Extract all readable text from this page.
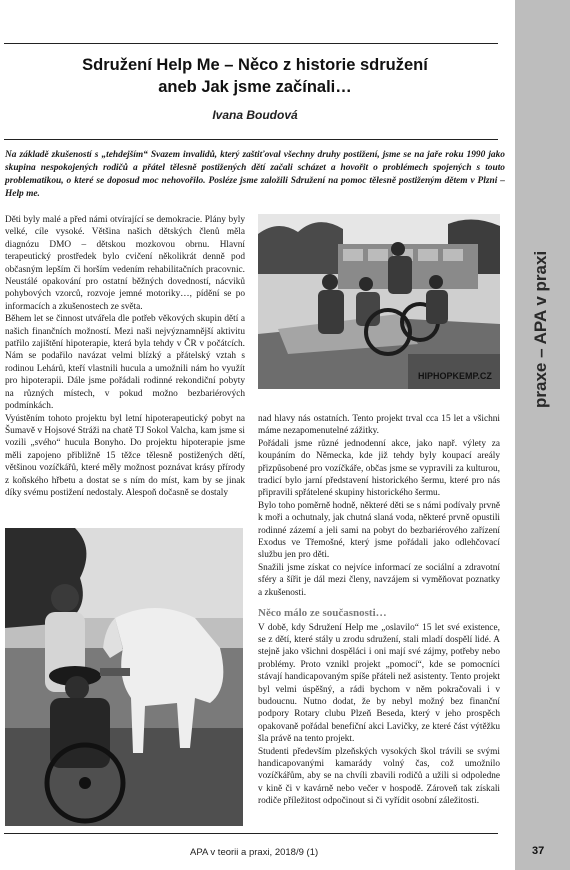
praxe – APA v praxi
Sdružení Help Me – Něco z historie sdružení
aneb Jak jsme začínali…
Ivana Boudová
Na základě zkušeností s „tehdejším“ Svazem invalidů, který zaštiťoval všechny druhy postižení, jsme se na jaře roku 1990 jako skupina nespokojených rodičů a přátel tělesně postižených dětí začali scházet a hovořit o problémech spojených s touto problematikou, o které se doposud moc nehovořilo. Posléze jsme založili Sdružení na pomoc tělesně postiženým dětem v Plzni – Help me.

Děti byly malé a před námi otvírající se demokracie. Plány byly velké, cíle vysoké. Většina našich dětských členů měla diagnózu DMO – dětskou mozkovou obrnu. Hlavní terapeutický prostředek bylo cvičení několikrát denně pod občasným lepším či horším vedením rehabilitačních pracovnic. Neustálé opakování pro ostatní běžných dovedností, nácviků pohybových vzorců, rozvoje jemné motoriky…, pídění se po informacích a zkušenostech ze světa.

Během let se činnost utvářela dle potřeb věkových skupin dětí a našich finančních možností. Mezi naši nejvýznamnější aktivitu patřilo zajištění hipoterapie, která byla tehdy v ČR v počátcích. Nám se podařilo navázat velmi blízký a přátelský vztah s rodinou Lehárů, kteří vlastnili hucula a umožnili nám ho využít pro hipoterapii. Dále jsme pořádali rodinné rekondiční pobyty na různých místech, v pokud možno bezbariérových podmínkách.

Vyústěním tohoto projektu byl letní hipoterapeutický pobyt na Šumavě v Hojsové Stráži na chatě TJ Sokol Valcha, kam jsme si vozili „svého“ hucula Bonyho. Do projektu hipoterapie jsme měli zapojeno přibližně 15 těžce tělesně postižených dětí, většinou vozíčkářů, které měly možnost poznávat krásy přírody z koňského hřbetu a dostat se s ním do míst, kam by se jinak díky svému postižení nedostaly. Alespoň dočasně se dostaly

HIPHOPKEMP.CZ

nad hlavy nás ostatních. Tento projekt trval cca 15 let a všichni máme nezapomenutelné zážitky.

Pořádali jsme různé jednodenní akce, jako např. výlety za koupáním do Německa, kde již tehdy byly koupací areály přizpůsobené pro vozíčkáře, občas jsme se vypravili za kulturou, tradicí bylo jarní představení historického šermu, které pro nás připravili spřátelené skupiny historického šermu.

Bylo toho poměrně hodně, některé děti se s námi podívaly prvně k moři a ochutnaly, jak chutná slaná voda, některé prvně opustili rodinné zázemí a jeli sami na pobyt do bezbariérového zařízení Exodus ve Třemošné, který jsme pořádali jako odlehčovací službu jen pro děti.

Snažili jsme získat co nejvíce informací ze sociální a zdravotní sféry a šířit je dál mezi členy, navzájem si vyměňovat poznatky a zkušenosti.

Něco málo ze současnosti…

V době, kdy Sdružení Help me „oslavilo“ 15 let své existence, se z dětí, které stály u zrodu sdružení, stali mladí dospělí lidé. A stejně jako všichni dospěláci i oni mají své zájmy, potřeby nebo problémy. Proto vznikl projekt „pomocí“, kde se pomocníci stávají handicapovaným spíše přáteli než asistenty. Tento projekt byl velmi úspěšný, a rádi bychom v něm pokračovali i v budoucnu. Nutno dodat, že by nebyl možný bez finanční podpory Rotary clubu Plzeň Beseda, který v jeho prospěch opakovaně pořádal benefiční akci Lavičky, ze které část výtěžku šla právě na tento projekt.

Studenti především plzeňských vysokých škol trávili se svými handicapovanými kamarády volný čas, což umožnilo vozíčkářům, aby se na chvíli zbavili rodičů a užili si odpoledne v kině či v kavárně nebo večer v hospodě. Zároveň tak získali rodiče příležitost odpočinout si či vyřídit osobní záležitosti.

APA v teorii a praxi, 2018/9 (1)	37
